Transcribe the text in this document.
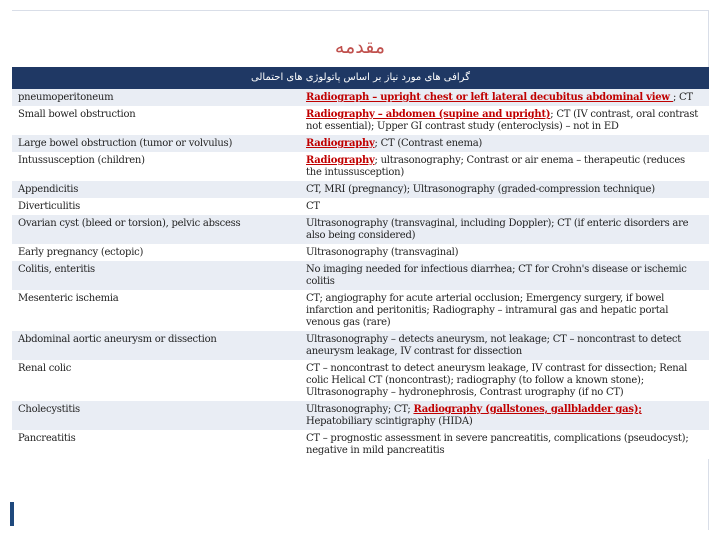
مقدمه
گرافی های مورد نیاز بر اساس پاتولوژی های احتمالی
pneumoperitoneum	Radiograph – upright chest or left lateral decubitus abdominal view ; CT
Small bowel obstruction	Radiography – abdomen (supine and upright); CT (IV contrast, oral contrast not essential); Upper GI contrast study (enteroclysis) – not in ED
Large bowel obstruction (tumor or volvulus)	Radiography; CT (Contrast enema)
Intussusception (children)	Radiography; ultrasonography; Contrast or air enema – therapeutic (reduces the intussusception)
Appendicitis	CT, MRI (pregnancy); Ultrasonography (graded-compression technique)
Diverticulitis	CT
Ovarian cyst (bleed or torsion), pelvic abscess	Ultrasonography (transvaginal, including Doppler); CT (if enteric disorders are also being considered)
Early pregnancy (ectopic)	Ultrasonography (transvaginal)
Colitis, enteritis	No imaging needed for infectious diarrhea; CT for Crohn's disease or ischemic colitis
Mesenteric ischemia	CT; angiography for acute arterial occlusion; Emergency surgery, if bowel infarction and peritonitis; Radiography – intramural gas and hepatic portal venous gas (rare)
Abdominal aortic aneurysm or dissection	Ultrasonography – detects aneurysm, not leakage; CT – noncontrast to detect aneurysm leakage, IV contrast for dissection
Renal colic	CT – noncontrast to detect aneurysm leakage, IV contrast for dissection; Renal colic Helical CT (noncontrast); radiography (to follow a known stone); Ultrasonography – hydronephrosis, Contrast urography (if no CT)
Cholecystitis	Ultrasonography; CT; Radiography (gallstones, gallbladder gas); Hepatobiliary scintigraphy (HIDA)
Pancreatitis	CT – prognostic assessment in severe pancreatitis, complications (pseudocyst); negative in mild pancreatitis
